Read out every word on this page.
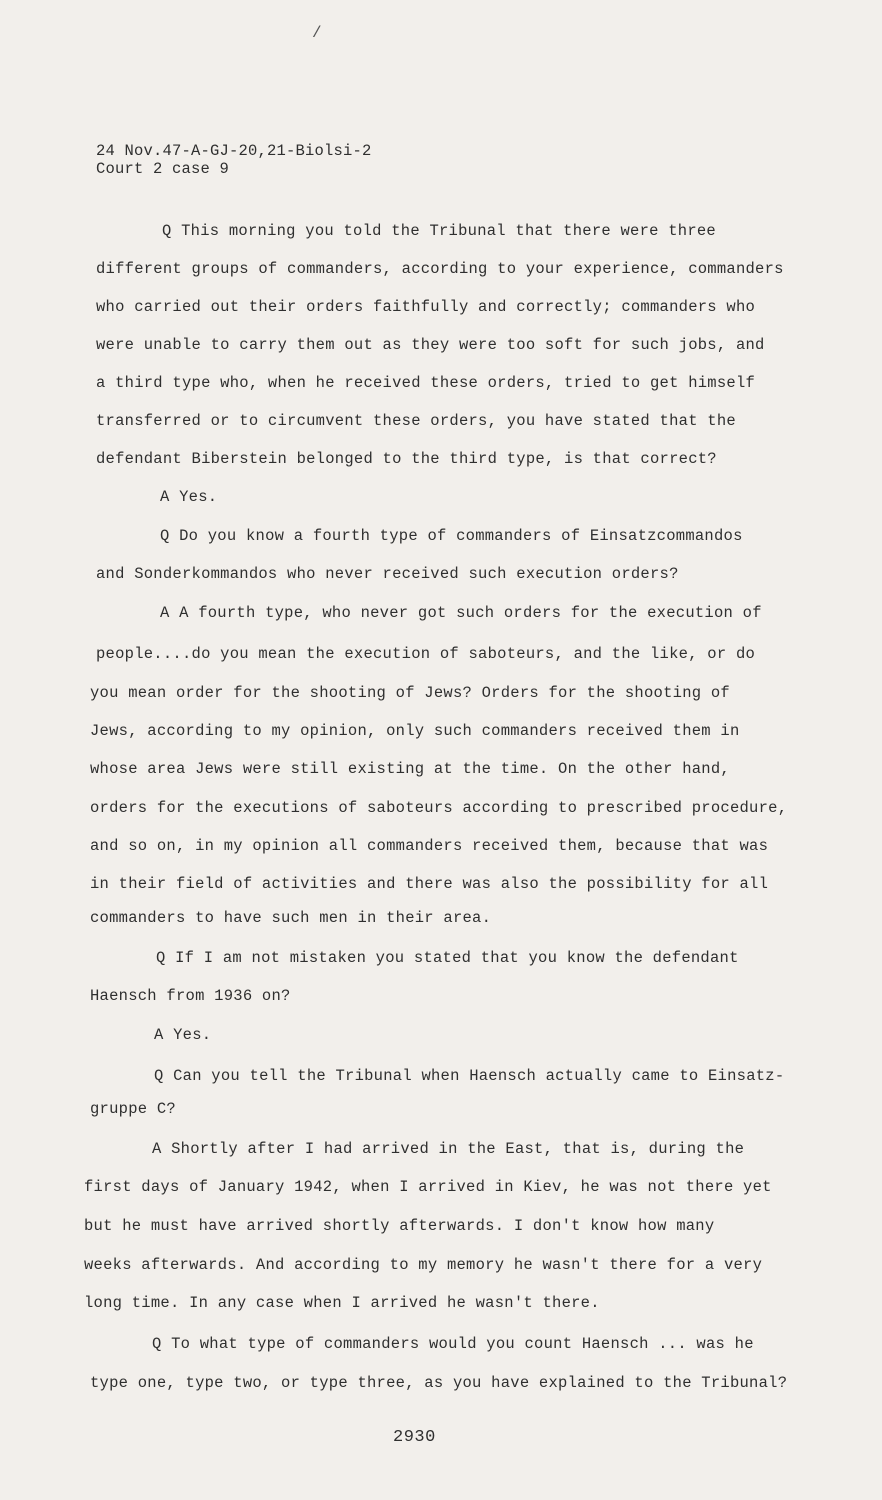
/
24 Nov.47-A-GJ-20,21-Biolsi-2
Court 2 case 9
Q This morning you told the Tribunal that there were three
different groups of commanders, according to your experience, commanders
who carried out their orders faithfully and correctly; commanders who
were unable to carry them out as they were too soft for such jobs, and
a third type who, when he received these orders, tried to get himself
transferred or to circumvent these orders, you have stated that the
defendant Biberstein belonged to the third type, is that correct?
A Yes.
Q Do you know a fourth type of commanders of Einsatzcommandos
and Sonderkommandos who never received such execution orders?
A A fourth type, who never got such orders for the execution of
people....do you mean the execution of saboteurs, and the like, or do
you mean order for the shooting of Jews? Orders for the shooting of
Jews, according to my opinion, only such commanders received them in
whose area Jews were still existing at the time. On the other hand,
orders for the executions of saboteurs according to prescribed procedure,
and so on, in my opinion all commanders received them, because that was
in their field of activities and there was also the possibility for all
commanders to have such men in their area.
Q If I am not mistaken you stated that you know the defendant
Haensch from 1936 on?
A Yes.
Q Can you tell the Tribunal when Haensch actually came to Einsatz-
gruppe C?
A Shortly after I had arrived in the East, that is, during the
first days of January 1942, when I arrived in Kiev, he was not there yet
but he must have arrived shortly afterwards. I don't know how many
weeks afterwards. And according to my memory he wasn't there for a very
long time. In any case when I arrived he wasn't there.
Q To what type of commanders would you count Haensch ... was he
type one, type two, or type three, as you have explained to the Tribunal?
2930
